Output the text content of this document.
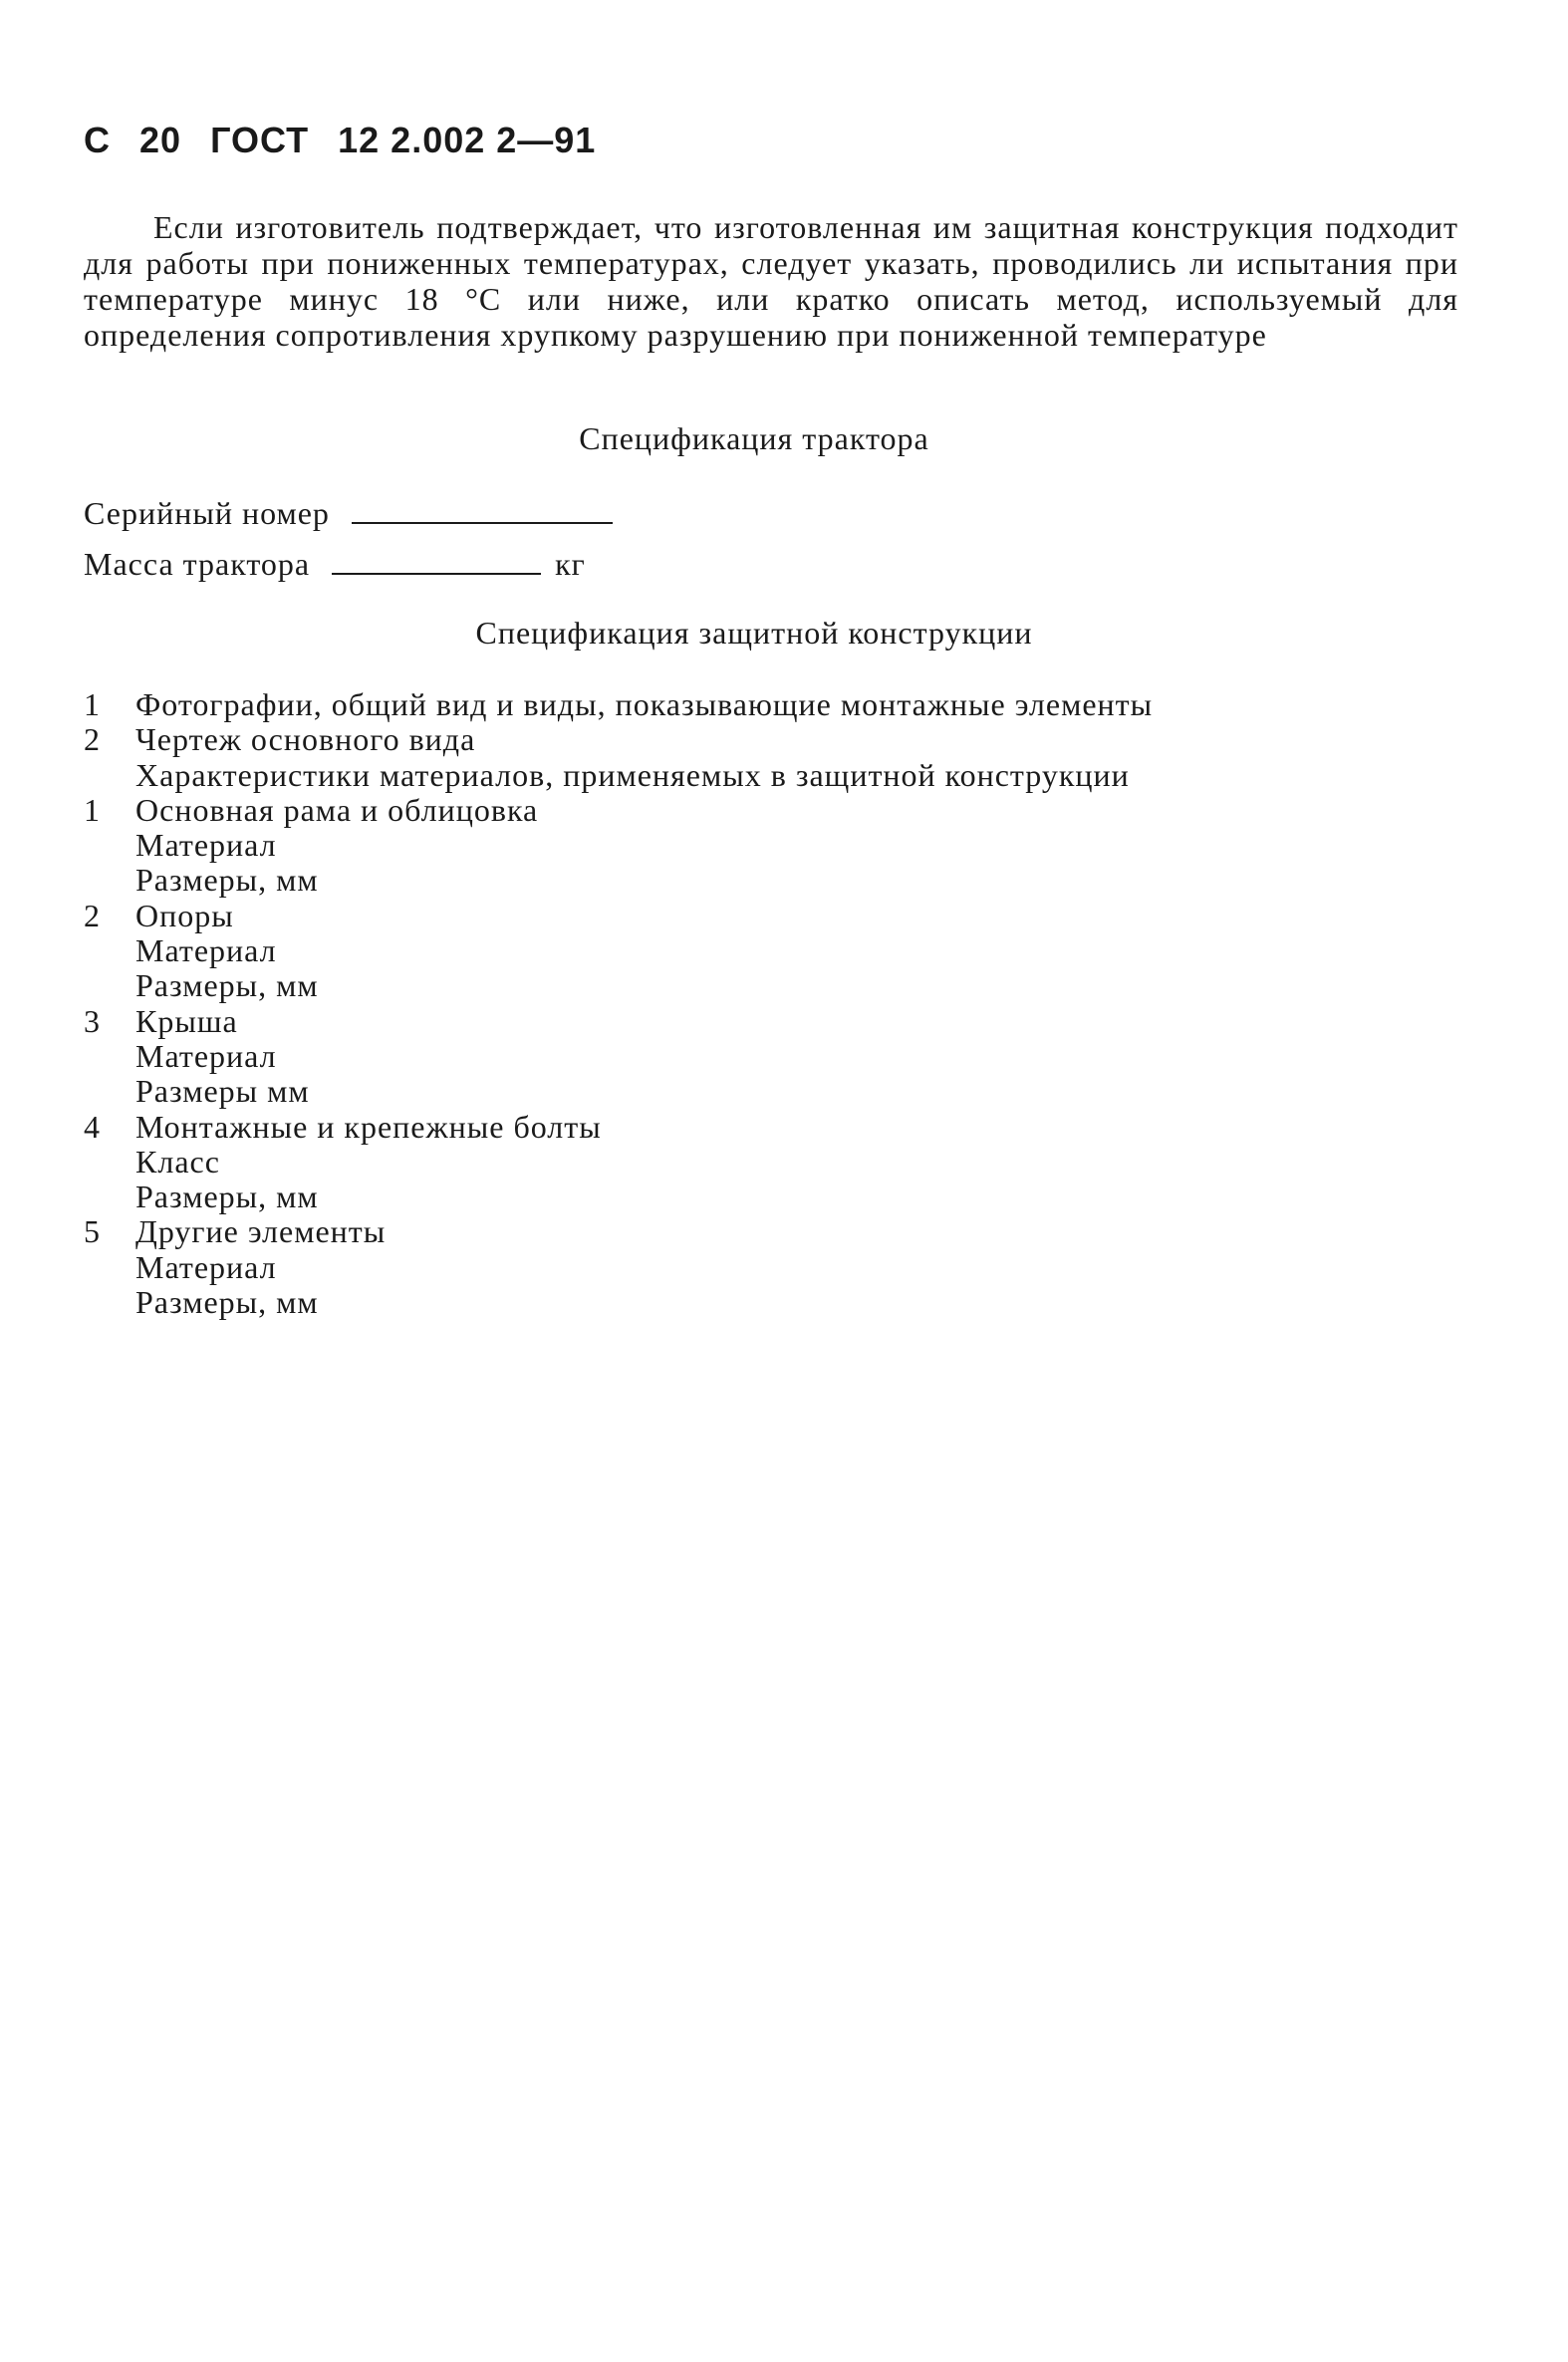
С 20 ГОСТ 12 2.002 2—91

Если изготовитель подтверждает, что изготовленная им защитная конструкция подходит для работы при пониженных температурах, следует указать, проводились ли испытания при температуре минус 18 °С или ниже, или кратко описать метод, используемый для определения сопротивления хрупкому разрушению при пониженной температуре

Спецификация трактора
Серийный номер
Масса трактора	кг
Спецификация защитной конструкции
1	Фотографии, общий вид и виды, показывающие монтажные элементы
2	Чертеж основного вида
Характеристики материалов, применяемых в защитной конструкции
1	Основная рама и облицовка
Материал
Размеры, мм
2	Опоры
Материал
Размеры, мм
3	Крыша
Материал
Размеры мм
4	Монтажные и крепежные болты
Класс
Размеры, мм
5	Другие элементы
Материал
Размеры, мм
